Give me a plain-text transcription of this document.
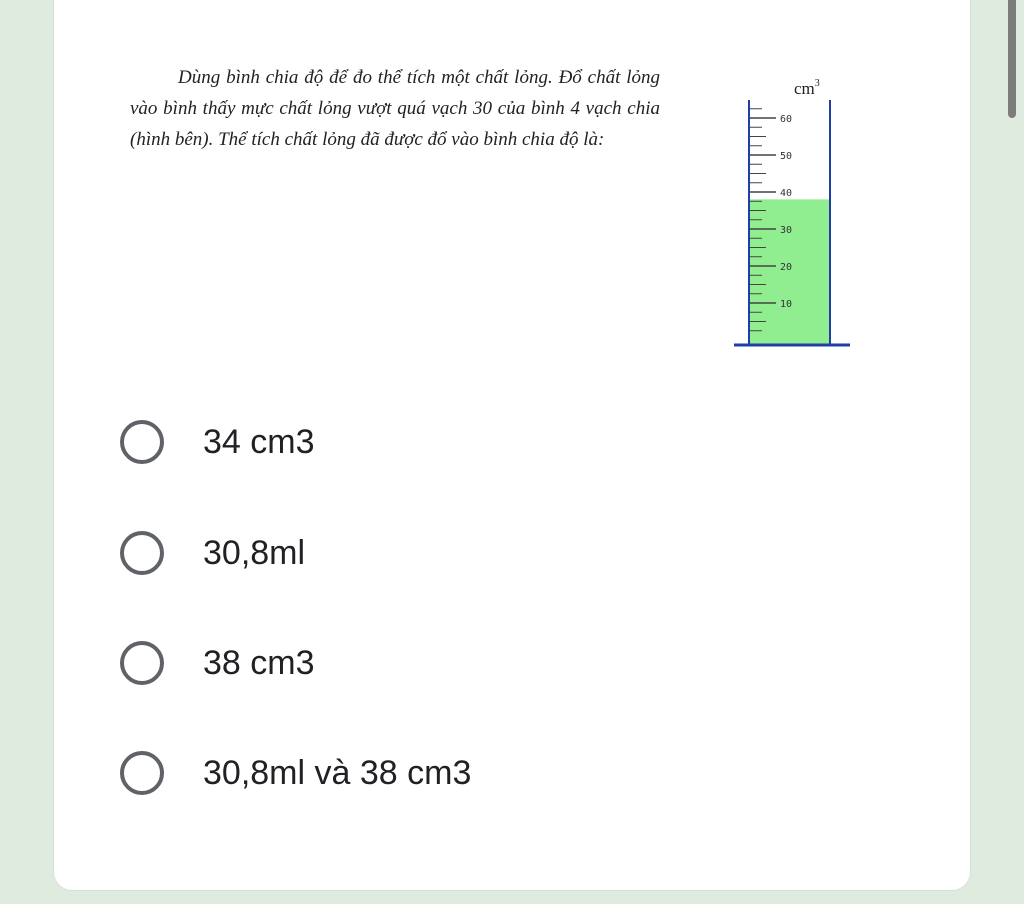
Dùng bình chia độ để đo thể tích một chất lỏng. Đổ chất lỏng vào bình thấy mực chất lỏng vượt quá vạch 30 của bình 4 vạch chia (hình bên). Thể tích chất lỏng đã được đổ vào bình chia độ là:
$cm^3$
60
50
40
30
20
10
34 cm3
30,8ml
38 cm3
30,8ml và 38 cm3
